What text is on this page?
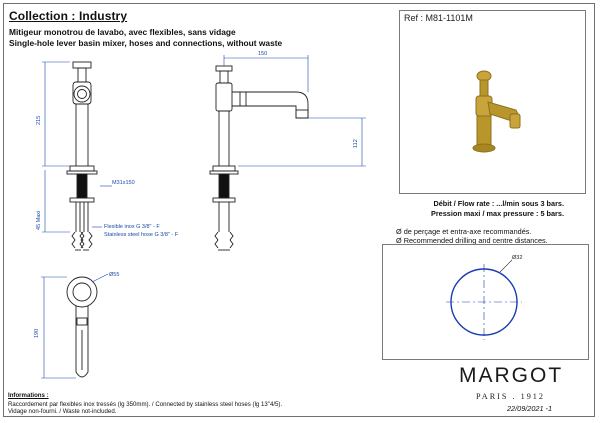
Collection : Industry
Mitigeur monotrou de lavabo, avec flexibles, sans vidage
Single-hole lever basin mixer, hoses and connections, without waste
Ref : M81-1101M
Débit / Flow rate : ...l/min sous 3 bars.
Pression maxi / max pressure : 5 bars.
Ø de perçage et entra-axe recommandés.
Ø Recommended drilling and centre distances.
215
45 Maxi
M31x150
Flexible inox G 3/8" - F
Stainless steel hose G 3/8" - F
150
112
190
Ø55
Ø32
MARGOT
PARIS . 1912
22/09/2021 -1
Informations :
Raccordement par flexibles inox tressés (lg 350mm). / Connected by stainless steel hoses (lg 13"4/5).
Vidage non-fourni. / Waste not-included.
